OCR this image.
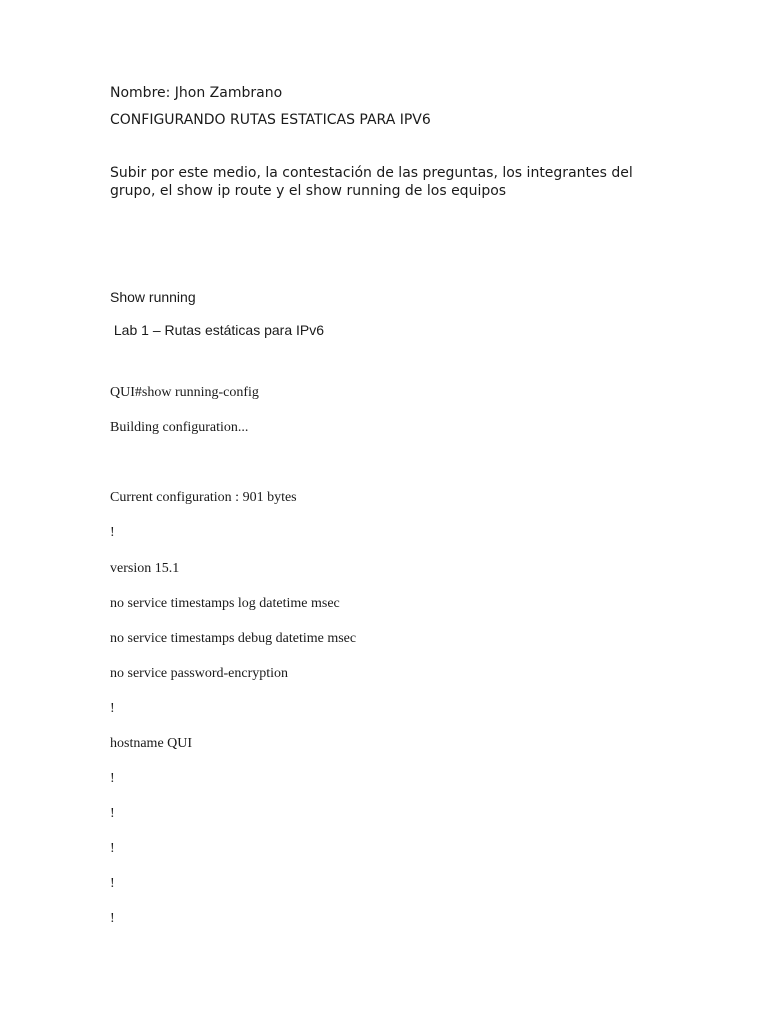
Nombre: Jhon Zambrano
CONFIGURANDO RUTAS ESTATICAS PARA IPV6
Subir por este medio, la contestación de las preguntas, los integrantes del
grupo, el show ip route y el show running de los equipos
Show running
Lab 1 – Rutas estáticas para IPv6
QUI#show running-config
Building configuration...
Current configuration : 901 bytes
!
version 15.1
no service timestamps log datetime msec
no service timestamps debug datetime msec
no service password-encryption
!
hostname QUI
!
!
!
!
!
